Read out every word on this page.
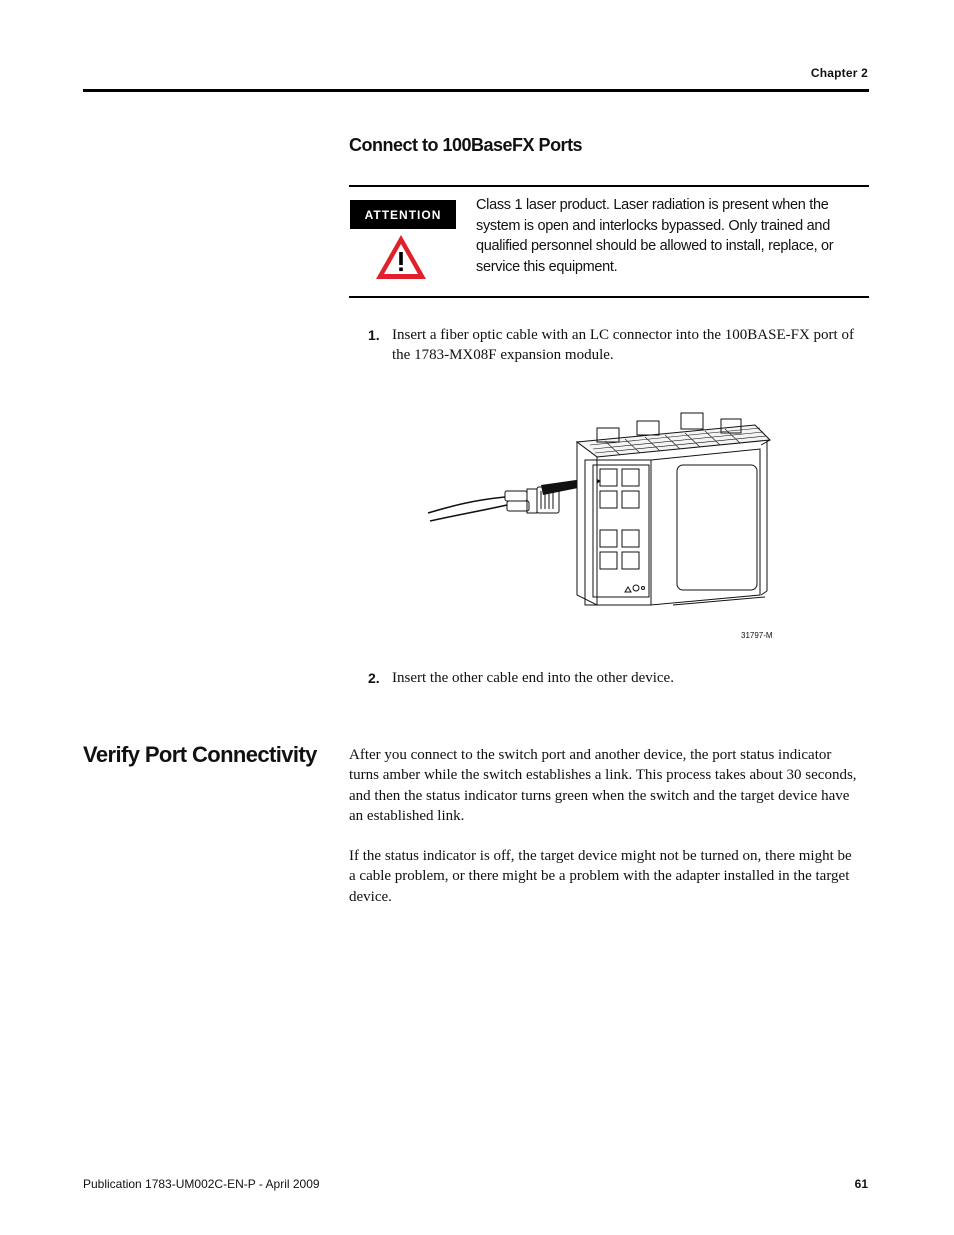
Chapter 2
Connect to 100BaseFX Ports
ATTENTION
Class 1 laser product. Laser radiation is present when the system is open and interlocks bypassed. Only trained and qualified personnel should be allowed to install, replace, or service this equipment.
1. Insert a fiber optic cable with an LC connector into the 100BASE-FX port of the 1783-MX08F expansion module.
31797-M
2. Insert the other cable end into the other device.
Verify Port Connectivity After you connect to the switch port and another device, the port status indicator turns amber while the switch establishes a link. This process takes about 30 seconds, and then the status indicator turns green when the switch and the target device have an established link.

If the status indicator is off, the target device might not be turned on, there might be a cable problem, or there might be a problem with the adapter installed in the target device.

Publication 1783-UM002C-EN-P - April 2009	61
